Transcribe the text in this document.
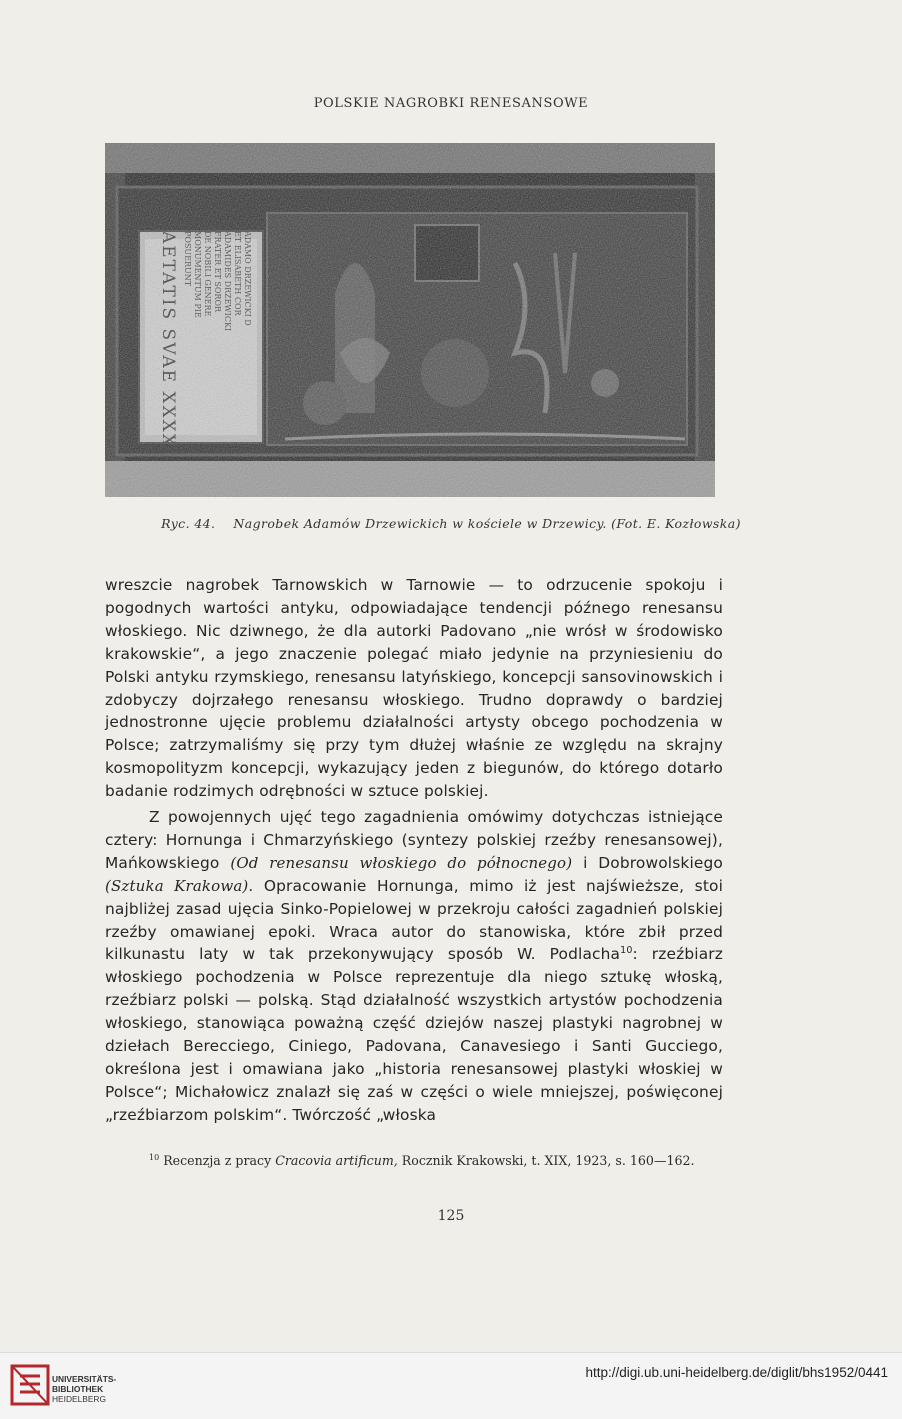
POLSKIE NAGROBKI RENESANSOWE
Ryc. 44. Nagrobek Adamów Drzewickich w kościele w Drzewicy. (Fot. E. Kozłowska)

wreszcie nagrobek Tarnowskich w Tarnowie — to odrzucenie spokoju i pogodnych wartości antyku, odpowiadające tendencji późnego renesansu włoskiego. Nic dziwnego, że dla autorki Padovano „nie wrósł w środowisko krakowskie“, a jego znaczenie polegać miało jedynie na przyniesieniu do Polski antyku rzymskiego, renesansu latyńskiego, koncepcji sansovinowskich i zdobyczy dojrzałego renesansu włoskiego. Trudno doprawdy o bardziej jednostronne ujęcie problemu działalności artysty obcego pochodzenia w Polsce; zatrzymaliśmy się przy tym dłużej właśnie ze względu na skrajny kosmopolityzm koncepcji, wykazujący jeden z biegunów, do którego dotarło badanie rodzimych odrębności w sztuce polskiej.

Z powojennych ujęć tego zagadnienia omówimy dotychczas istniejące cztery: Hornunga i Chmarzyńskiego (syntezy polskiej rzeźby renesansowej), Mańkowskiego (Od renesansu włoskiego do północnego) i Dobrowolskiego (Sztuka Krakowa). Opracowanie Hornunga, mimo iż jest najświeższe, stoi najbliżej zasad ujęcia Sinko-Popielowej w przekroju całości zagadnień polskiej rzeźby omawianej epoki. Wraca autor do stanowiska, które zbił przed kilkunastu laty w tak przekonywujący sposób W. Podlacha$^{10}$: rzeźbiarz włoskiego pochodzenia w Polsce reprezentuje dla niego sztukę włoską, rzeźbiarz polski — polską. Stąd działalność wszystkich artystów pochodzenia włoskiego, stanowiąca poważną część dziejów naszej plastyki nagrobnej w dziełach Berecciego, Ciniego, Padovana, Canavesiego i Santi Gucciego, określona jest i omawiana jako „historia renesansowej plastyki włoskiej w Polsce“; Michałowicz znalazł się zaś w części o wiele mniejszej, poświęconej „rzeźbiarzom polskim“. Twórczość „włoska

$^{10}$ Recenzja z pracy Cracovia artificum, Rocznik Krakowski, t. XIX, 1923, s. 160—162.
125
UNIVERSITÄTS-
BIBLIOTHEK
HEIDELBERG
http://digi.ub.uni-heidelberg.de/diglit/bhs1952/0441
